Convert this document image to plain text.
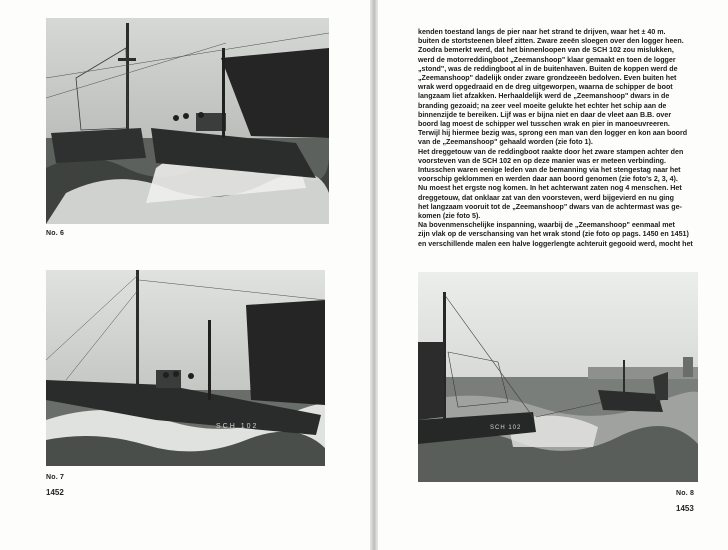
No. 6
SCH 102
No. 7
1452

kenden toestand langs de pier naar het strand te drijven, waar het ± 40 m.

buiten de stortsteenen bleef zitten. Zware zeeën sloegen over den logger heen.

Zoodra bemerkt werd, dat het binnenloopen van de SCH 102 zou mislukken,

werd de motorreddingboot „Zeemanshoop" klaar gemaakt en toen de logger

„stond", was de reddingboot al in de buitenhaven. Buiten de koppen werd de

„Zeemanshoop" dadelijk onder zware grondzeeën bedolven. Even buiten het

wrak werd opgedraaid en de dreg uitgeworpen, waarna de schipper de boot

langzaam liet afzakken. Herhaaldelijk werd de „Zeemanshoop" dwars in de

branding gezoaid; na zeer veel moeite gelukte het echter het schip aan de

binnenzijde te bereiken. Lijf was er bijna niet en daar de vleet aan B.B. over

boord lag moest de schipper wel tusschen wrak en pier in manoeuvreeren.

Terwijl hij hiermee bezig was, sprong een man van den logger en kon aan boord

van de „Zeemanshoop" gehaald worden (zie foto 1).

Het dreggetouw van de reddingboot raakte door het zware stampen achter den

voorsteven van de SCH 102 en op deze manier was er meteen verbinding.

Intusschen waren eenige leden van de bemanning via het stengestag naar het

voorschip geklommen en werden daar aan boord genomen (zie foto's 2, 3, 4).

Nu moest het ergste nog komen. In het achterwant zaten nog 4 menschen. Het

dreggetouw, dat onklaar zat van den voorsteven, werd bijgevierd en nu ging

het langzaam vooruit tot de „Zeemanshoop" dwars van de achtermast was ge-

komen (zie foto 5).

Na bovenmenschelijke inspanning, waarbij de „Zeemanshoop" eenmaal met

zijn vlak op de verschansing van het wrak stond (zie foto op pags. 1450 en 1451)

en verschillende malen een halve loggerlengte achteruit gegooid werd, mocht het

SCH 102
No. 8
1453
